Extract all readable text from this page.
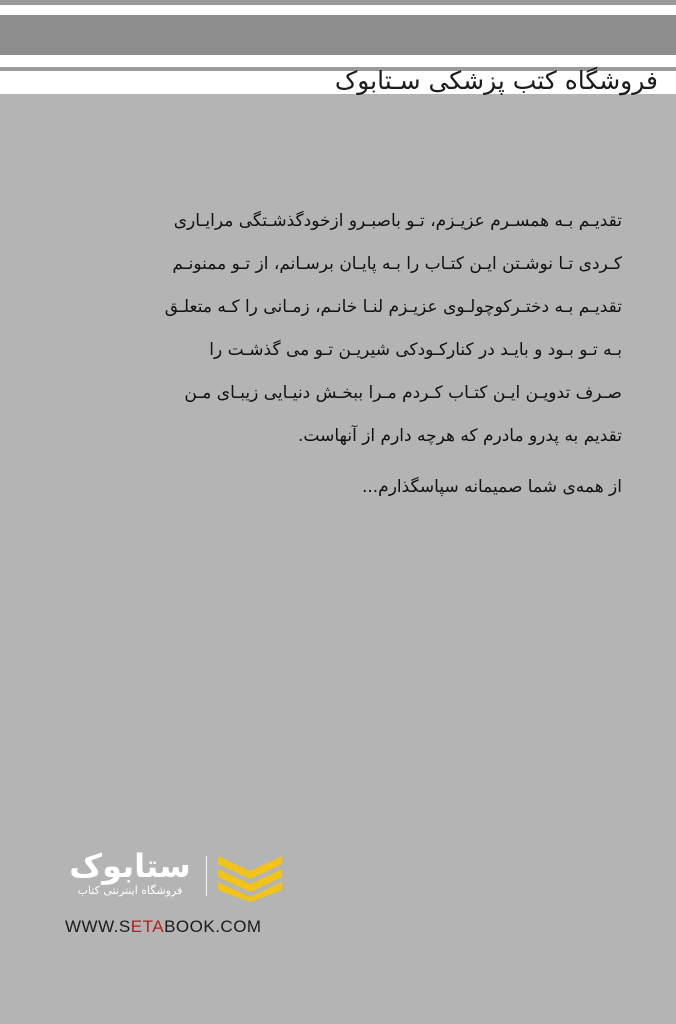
فروشگاه کتب پزشکی سـتابوک

تقدیـم بـه همسـرم عزیـزم، تـو باصبـرو ازخودگذشـتگی مرایـاری

کـردی تـا نوشـتن ایـن کتـاب را بـه پایـان برسـانم، از تـو ممنونـم

تقدیـم بـه دختـرکوچولـوی عزیـزم لنـا خانـم، زمـانی را کـه متعلـق

بـه تـو بـود و بایـد در کنارکـودکی شیریـن تـو می گذشـت را

صـرف تدویـن ایـن کتـاب کـردم مـرا ببخـش دنیـایی زیبـای مـن

تقدیم به پدرو مادرم که هرچه دارم از آنهاست.

از همه‌ی شما صمیمانه سپاسگذارم...
ستابوک
فروشگاه اینترنتی کتاب
WWW.SETABOOK.COM
